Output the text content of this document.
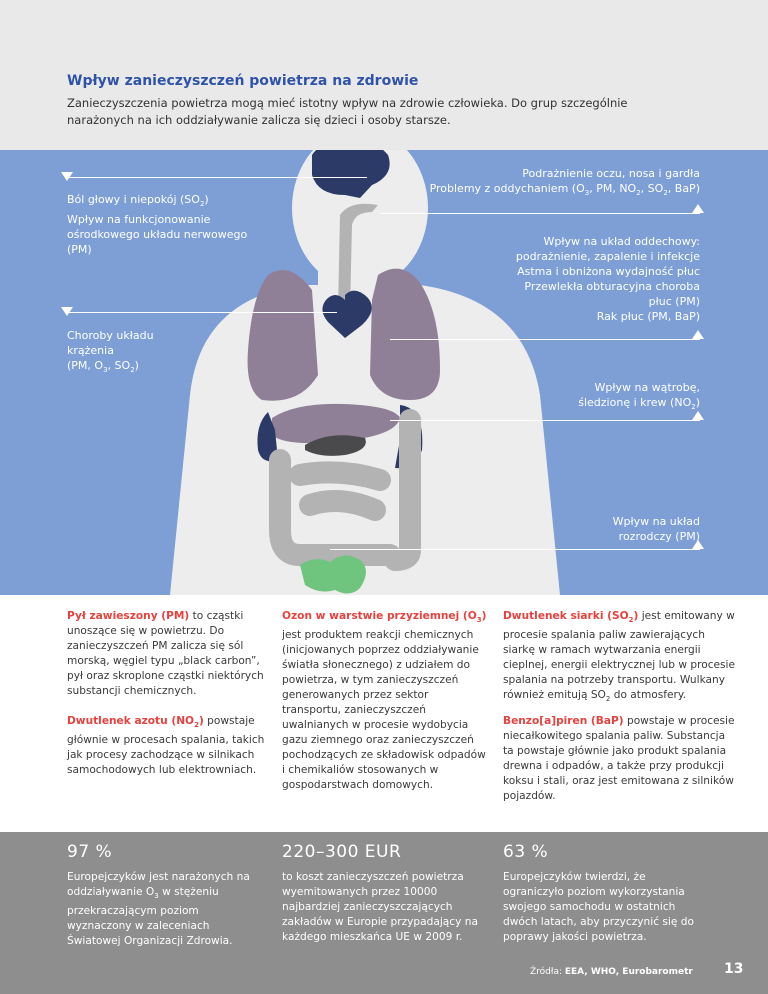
Wpływ zanieczyszczeń powietrza na zdrowie
Zanieczyszczenia powietrza mogą mieć istotny wpływ na zdrowie człowieka. Do grup szczególnie narażonych na ich oddziaływanie zalicza się dzieci i osoby starsze.
Ból głowy i niepokój $(SO_2)$
Wpływ na funkcjonowanie
ośrodkowego układu nerwowego
(PM)
Choroby układu
krążenia
(PM, $O_3$, $SO_2$)
Podrażnienie oczu, nosa i gardła
Problemy z oddychaniem ($O_3$, PM, $NO_2$, $SO_2$, BaP)
Wpływ na układ oddechowy:
podrażnienie, zapalenie i infekcje
Astma i obniżona wydajność płuc
Przewlekła obturacyjna choroba
płuc (PM)
Rak płuc (PM, BaP)
Wpływ na wątrobę,
śledzionę i krew $(NO_2)$
Wpływ na układ
rozrodczy (PM)
Pył zawieszony (PM) to cząstki unoszące się w powietrzu. Do zanieczyszczeń PM zalicza się sól morską, węgiel typu „black carbon”, pył oraz skroplone cząstki niektórych substancji chemicznych.
Dwutlenek azotu $(NO_2)$ powstaje głównie w procesach spalania, takich jak procesy zachodzące w silnikach samochodowych lub elektrowniach.
Ozon w warstwie przyziemnej $(O_3)$
jest produktem reakcji chemicznych (inicjowanych poprzez oddziaływanie światła słonecznego) z udziałem do powietrza, w tym zanieczyszczeń generowanych przez sektor transportu, zanieczyszczeń uwalnianych w procesie wydobycia gazu ziemnego oraz zanieczyszczeń pochodzących ze składowisk odpadów i chemikaliów stosowanych w gospodarstwach domowych.
Dwutlenek siarki $(SO_2)$ jest emitowany w procesie spalania paliw zawierających siarkę w ramach wytwarzania energii cieplnej, energii elektrycznej lub w procesie spalania na potrzeby transportu. Wulkany również emitują $SO_2$ do atmosfery.
Benzo[a]piren (BaP) powstaje w procesie niecałkowitego spalania paliw. Substancja ta powstaje głównie jako produkt spalania drewna i odpadów, a także przy produkcji koksu i stali, oraz jest emitowana z silników pojazdów.
97 %
Europejczyków jest narażonych na oddziaływanie $O_3$ w stężeniu przekraczającym poziom wyznaczony w zaleceniach Światowej Organizacji Zdrowia.
220–300 EUR
to koszt zanieczyszczeń powietrza wyemitowanych przez 10000 najbardziej zanieczyszczających zakładów w Europie przypadający na każdego mieszkańca UE w 2009 r.
63 %
Europejczyków twierdzi, że ograniczyło poziom wykorzystania swojego samochodu w ostatnich dwóch latach, aby przyczynić się do poprawy jakości powietrza.
Źródła: EEA, WHO, Eurobarometr 13
